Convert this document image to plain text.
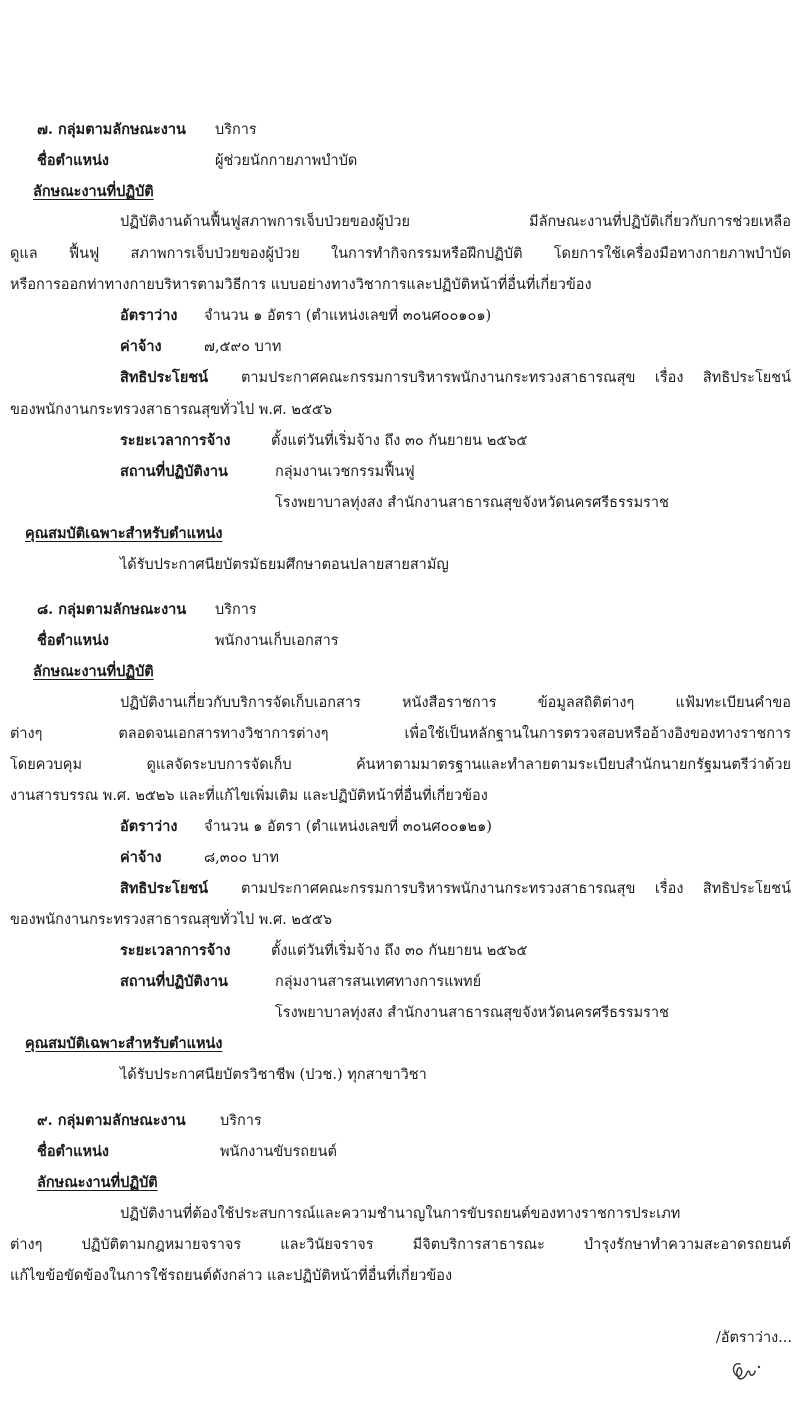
๗. กลุ่มตามลักษณะงาน บริการ
ชื่อตำแหน่ง	ผู้ช่วยนักกายภาพบำบัด
ลักษณะงานที่ปฏิบัติ
ปฏิบัติงานด้านฟื้นฟูสภาพการเจ็บป่วยของผู้ป่วย มีลักษณะงานที่ปฏิบัติเกี่ยวกับการช่วยเหลือ
ดูแล ฟื้นฟู สภาพการเจ็บป่วยของผู้ป่วย ในการทำกิจกรรมหรือฝึกปฏิบัติ โดยการใช้เครื่องมือทางกายภาพบำบัด
หรือการออกท่าทางกายบริหารตามวิธีการ แบบอย่างทางวิชาการและปฏิบัติหน้าที่อื่นที่เกี่ยวข้อง
อัตราว่าง จำนวน ๑ อัตรา (ตำแหน่งเลขที่ ๓๐นศ๐๐๑๐๑)
ค่าจ้าง	๗,๕๙๐ บาท
สิทธิประโยชน์ ตามประกาศคณะกรรมการบริหารพนักงานกระทรวงสาธารณสุข เรื่อง สิทธิประโยชน์
ของพนักงานกระทรวงสาธารณสุขทั่วไป พ.ศ. ๒๕๕๖
ระยะเวลาการจ้าง	ตั้งแต่วันที่เริ่มจ้าง ถึง ๓๐ กันยายน ๒๕๖๕
สถานที่ปฏิบัติงาน	กลุ่มงานเวชกรรมฟื้นฟู
โรงพยาบาลทุ่งสง สำนักงานสาธารณสุขจังหวัดนครศรีธรรมราช
คุณสมบัติเฉพาะสำหรับตำแหน่ง
ได้รับประกาศนียบัตรมัธยมศึกษาตอนปลายสายสามัญ
๘. กลุ่มตามลักษณะงาน บริการ
ชื่อตำแหน่ง	พนักงานเก็บเอกสาร
ลักษณะงานที่ปฏิบัติ
ปฏิบัติงานเกี่ยวกับบริการจัดเก็บเอกสาร หนังสือราชการ ข้อมูลสถิติต่างๆ แฟ้มทะเบียนคำขอ
ต่างๆ ตลอดจนเอกสารทางวิชาการต่างๆ เพื่อใช้เป็นหลักฐานในการตรวจสอบหรืออ้างอิงของทางราชการ
โดยควบคุม ดูแลจัดระบบการจัดเก็บ ค้นหาตามมาตรฐานและทำลายตามระเบียบสำนักนายกรัฐมนตรีว่าด้วย
งานสารบรรณ พ.ศ. ๒๕๒๖ และที่แก้ไขเพิ่มเติม และปฏิบัติหน้าที่อื่นที่เกี่ยวข้อง
อัตราว่าง จำนวน ๑ อัตรา (ตำแหน่งเลขที่ ๓๐นศ๐๐๑๒๑)
ค่าจ้าง	๘,๓๐๐ บาท
สิทธิประโยชน์ ตามประกาศคณะกรรมการบริหารพนักงานกระทรวงสาธารณสุข เรื่อง สิทธิประโยชน์
ของพนักงานกระทรวงสาธารณสุขทั่วไป พ.ศ. ๒๕๕๖
ระยะเวลาการจ้าง	ตั้งแต่วันที่เริ่มจ้าง ถึง ๓๐ กันยายน ๒๕๖๕
สถานที่ปฏิบัติงาน	กลุ่มงานสารสนเทศทางการแพทย์
โรงพยาบาลทุ่งสง สำนักงานสาธารณสุขจังหวัดนครศรีธรรมราช
คุณสมบัติเฉพาะสำหรับตำแหน่ง
ได้รับประกาศนียบัตรวิชาชีพ (ปวช.) ทุกสาขาวิชา
๙. กลุ่มตามลักษณะงาน บริการ
ชื่อตำแหน่ง	พนักงานขับรถยนต์
ลักษณะงานที่ปฏิบัติ
ปฏิบัติงานที่ต้องใช้ประสบการณ์และความชำนาญในการขับรถยนต์ของทางราชการประเภท
ต่างๆ ปฏิบัติตามกฎหมายจราจร และวินัยจราจร มีจิตบริการสาธารณะ บำรุงรักษาทำความสะอาดรถยนต์
แก้ไขข้อขัดข้องในการใช้รถยนต์ดังกล่าว และปฏิบัติหน้าที่อื่นที่เกี่ยวข้อง
/อัตราว่าง...
